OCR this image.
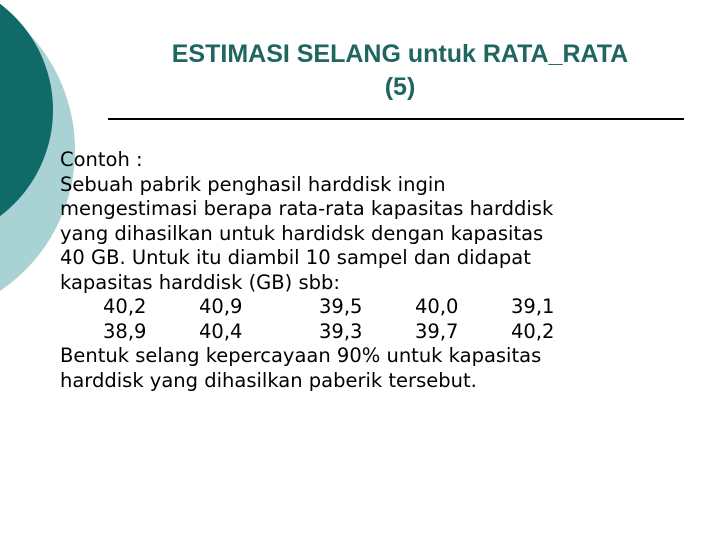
ESTIMASI SELANG untuk RATA_RATA
(5)
Contoh :
Sebuah pabrik penghasil harddisk ingin
mengestimasi berapa rata-rata kapasitas harddisk
yang dihasilkan untuk hardidsk dengan kapasitas
40 GB. Untuk itu diambil 10 sampel dan didapat
kapasitas harddisk (GB) sbb:
40,2	40,9	39,5	40,0	39,1
38,9	40,4	39,3	39,7	40,2
Bentuk selang kepercayaan 90% untuk kapasitas
harddisk yang dihasilkan paberik tersebut.
